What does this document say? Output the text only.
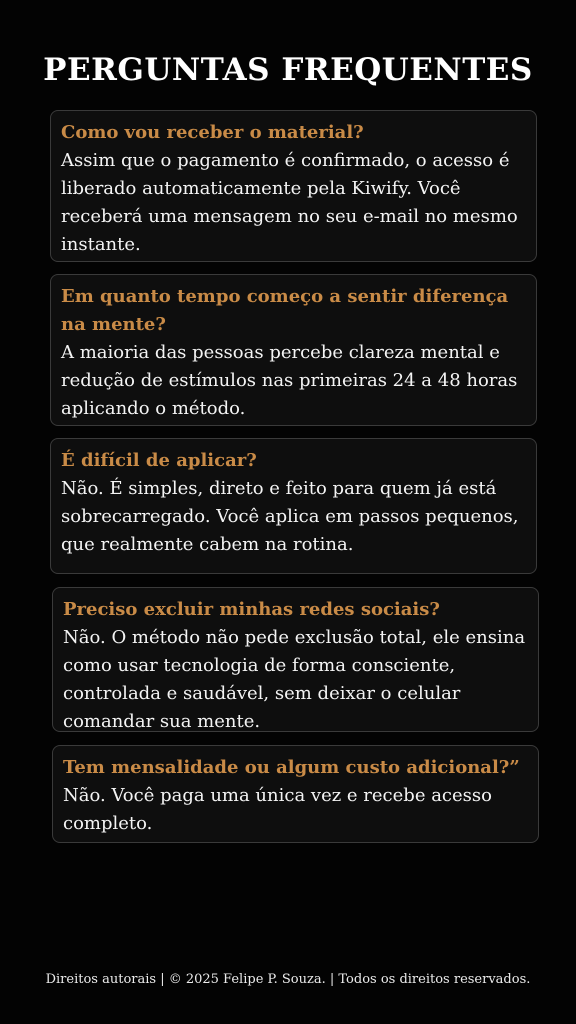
PERGUNTAS FREQUENTES

Como vou receber o material?

Assim que o pagamento é confirmado, o acesso é liberado automaticamente pela Kiwify. Você receberá uma mensagem no seu e-mail no mesmo instante.

Em quanto tempo começo a sentir diferença na mente?

A maioria das pessoas percebe clareza mental e redução de estímulos nas primeiras 24 a 48 horas aplicando o método.

É difícil de aplicar?

Não. É simples, direto e feito para quem já está sobrecarregado. Você aplica em passos pequenos, que realmente cabem na rotina.

Preciso excluir minhas redes sociais?

Não. O método não pede exclusão total, ele ensina como usar tecnologia de forma consciente, controlada e saudável, sem deixar o celular comandar sua mente.

Tem mensalidade ou algum custo adicional?”

Não. Você paga uma única vez e recebe acesso completo.

Direitos autorais | © 2025 Felipe P. Souza. | Todos os direitos reservados.
